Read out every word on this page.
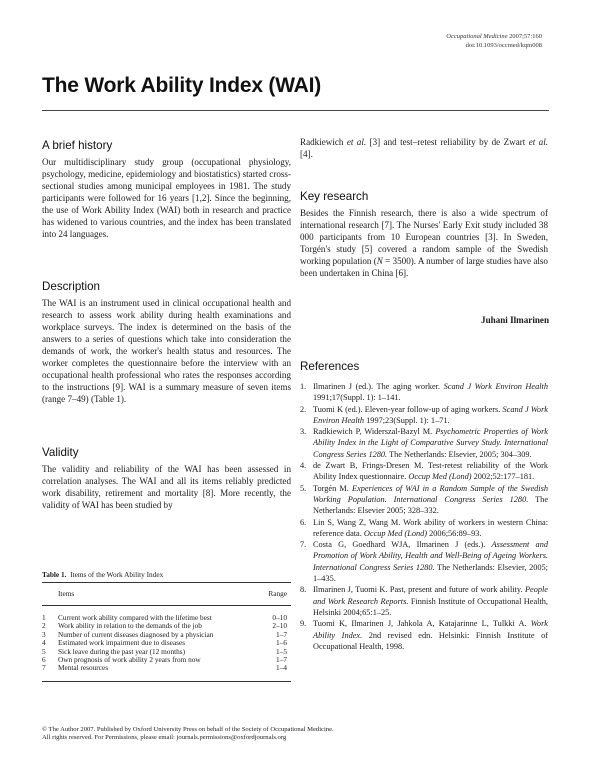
Occupational Medicine 2007;57:160
doi:10.1093/occmed/kqm008
The Work Ability Index (WAI)
A brief history
Our multidisciplinary study group (occupational physiology, psychology, medicine, epidemiology and biostatistics) started cross-sectional studies among municipal employees in 1981. The study participants were followed for 16 years [1,2]. Since the beginning, the use of Work Ability Index (WAI) both in research and practice has widened to various countries, and the index has been translated into 24 languages.
Description
The WAI is an instrument used in clinical occupational health and research to assess work ability during health examinations and workplace surveys. The index is determined on the basis of the answers to a series of questions which take into consideration the demands of work, the worker's health status and resources. The worker completes the questionnaire before the interview with an occupational health professional who rates the responses according to the instructions [9]. WAI is a summary measure of seven items (range 7–49) (Table 1).
Validity
The validity and reliability of the WAI has been assessed in correlation analyses. The WAI and all its items reliably predicted work disability, retirement and mortality [8]. More recently, the validity of WAI has been studied by
Table 1. Items of the Work Ability Index
Items	Range
1 Current work ability compared with the lifetime best	0–10
2 Work ability in relation to the demands of the job	2–10
3 Number of current diseases diagnosed by a physician	1–7
4 Estimated work impairment due to diseases	1–6
5 Sick leave during the past year (12 months)	1–5
6 Own prognosis of work ability 2 years from now	1–7
7 Mental resources	1–4
Radkiewich et al. [3] and test–retest reliability by de Zwart et al. [4].
Key research
Besides the Finnish research, there is also a wide spectrum of international research [7]. The Nurses' Early Exit study included 38 000 participants from 10 European countries [3]. In Sweden, Torgén's study [5] covered a random sample of the Swedish working population (N = 3500). A number of large studies have also been undertaken in China [6].
Juhani Ilmarinen
References
1. Ilmarinen J (ed.). The aging worker. Scand J Work Environ Health 1991;17(Suppl. 1): 1–141.
2. Tuomi K (ed.). Eleven-year follow-up of aging workers. Scand J Work Environ Health 1997;23(Suppl. 1): 1–71.
3. Radkiewich P, Widerszal-Bazyl M. Psychometric Properties of Work Ability Index in the Light of Comparative Survey Study. International Congress Series 1280. The Netherlands: Elsevier, 2005; 304–309.
4. de Zwart B, Frings-Dresen M. Test-retest reliability of the Work Ability Index questionnaire. Occup Med (Lond) 2002;52:177–181.
5. Torgén M. Experiences of WAI in a Random Sample of the Swedish Working Population. International Congress Series 1280. The Netherlands: Elsevier 2005; 328–332.
6. Lin S, Wang Z, Wang M. Work ability of workers in western China: reference data. Occup Med (Lond) 2006;56:89–93.
7. Costa G, Goedhard WJA, Ilmarinen J (eds.). Assessment and Promotion of Work Ability, Health and Well-Being of Ageing Workers. International Congress Series 1280. The Netherlands: Elsevier, 2005; 1–435.
8. Ilmarinen J, Tuomi K. Past, present and future of work ability. People and Work Research Reports. Finnish Institute of Occupational Health, Helsinki 2004;65:1–25.
9. Tuomi K, Ilmarinen J, Jahkola A, Katajarinne L, Tulkki A. Work Ability Index. 2nd revised edn. Helsinki: Finnish Institute of Occupational Health, 1998.
© The Author 2007. Published by Oxford University Press on behalf of the Society of Occupational Medicine.
All rights reserved. For Permissions, please email: journals.permissions@oxfordjournals.org
